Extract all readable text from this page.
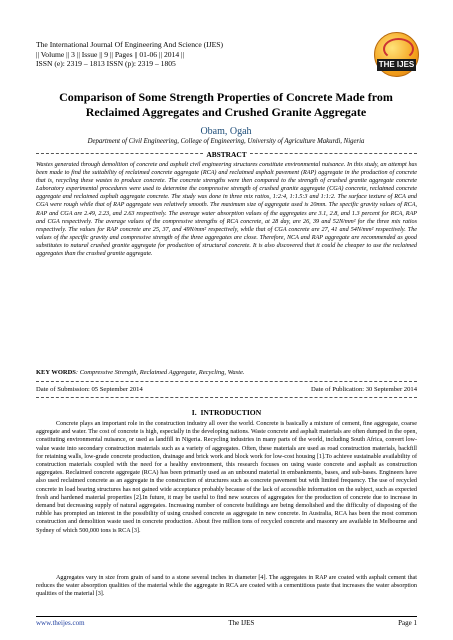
The International Journal Of Engineering And Science (IJES)
|| Volume || 3 || Issue || 9 || Pages || 01-06 || 2014 ||
ISSN (e): 2319 – 1813 ISSN (p): 2319 – 1805	THE IJES
Comparison of Some Strength Properties of Concrete Made from Reclaimed Aggregates and Crushed Granite Aggregate
Obam, Ogah
Department of Civil Engineering, College of Engineering, University of Agriculture Makurdi, Nigeria
ABSTRACT
Wastes generated through demolition of concrete and asphalt civil engineering structures constitute environmental nuisance. In this study, an attempt has been made to find the suitability of reclaimed concrete aggregate (RCA) and reclaimed asphalt pavement (RAP) aggregate in the production of concrete that is, recycling these wastes to produce concrete. The concrete strengths were then compared to the strength of crushed granite aggregate concrete Laboratory experimental procedures were used to determine the compressive strength of crushed granite aggregate (CGA) concrete, reclaimed concrete aggregate and reclaimed asphalt aggregate concrete. The study was done in three mix ratios, 1:2:4, 1:1.5:3 and 1:1:2. The surface texture of RCA and CGA were rough while that of RAP aggregate was relatively smooth. The maximum size of aggregate used is 20mm. The specific gravity values of RCA, RAP and CGA are 2.49, 2.23, and 2.63 respectively. The average water absorption values of the aggregates are 3.1, 2.8, and 1.3 percent for RCA, RAP and CGA respectively. The average values of the compressive strengths of RCA concrete, at 28 day, are 26, 39 and 52N/mm² for the three mix ratios respectively. The values for RAP concrete are 25, 37, and 49N/mm² respectively, while that of CGA concrete are 27, 41 and 54N/mm² respectively. The values of the specific gravity and compressive strength of the three aggregates are close. Therefore, NCA and RAP aggregate are recommended as good substitutes to natural crushed granite aggregate for production of structural concrete. It is also discovered that it could be cheaper to use the reclaimed aggregates than the crushed granite aggregate.
KEY WORDS: Compressive Strength, Reclaimed Aggregate, Recycling, Waste.
Date of Submission: 05 September 2014	Date of Publication: 30 September 2014
I. INTRODUCTION
Concrete plays an important role in the construction industry all over the world. Concrete is basically a mixture of cement, fine aggregate, coarse aggregate and water. The cost of concrete is high, especially in the developing nations. Waste concrete and asphalt materials are often dumped in the open, constituting environmental nuisance, or used as landfill in Nigeria. Recycling industries in many parts of the world, including South Africa, convert low-value waste into secondary construction materials such as a variety of aggregates. Often, these materials are used as road construction materials, backfill for retaining walls, low-grade concrete production, drainage and brick work and block work for low-cost housing [1].To achieve sustainable availability of construction materials coupled with the need for a healthy environment, this research focuses on using waste concrete and asphalt as construction aggregates. Reclaimed concrete aggregate (RCA) has been primarily used as an unbound material in embankments, bases, and sub-bases. Engineers have also used reclaimed concrete as an aggregate in the construction of structures such as concrete pavement but with limited frequency. The use of recycled concrete in load bearing structures has not gained wide acceptance probably because of the lack of accessible information on the subject, such as expected fresh and hardened material properties [2].In future, it may be useful to find new sources of aggregates for the production of concrete due to increase in demand but decreasing supply of natural aggregates. Increasing number of concrete buildings are being demolished and the difficulty of disposing of the rubble has prompted an interest in the possibility of using crushed concrete as aggregate in new concrete. In Australia, RCA has been the most common construction and demolition waste used in concrete production. About five million tons of recycled concrete and masonry are available in Melbourne and Sydney of which 500,000 tons is RCA [3].
Aggregates vary in size from grain of sand to a stone several inches in diameter [4]. The aggregates in RAP are coated with asphalt cement that reduces the water absorption qualities of the material while the aggregate in RCA are coated with a cementitious paste that increases the water absorption qualities of the material [3].
www.theijes.com	The IJES	Page 1
